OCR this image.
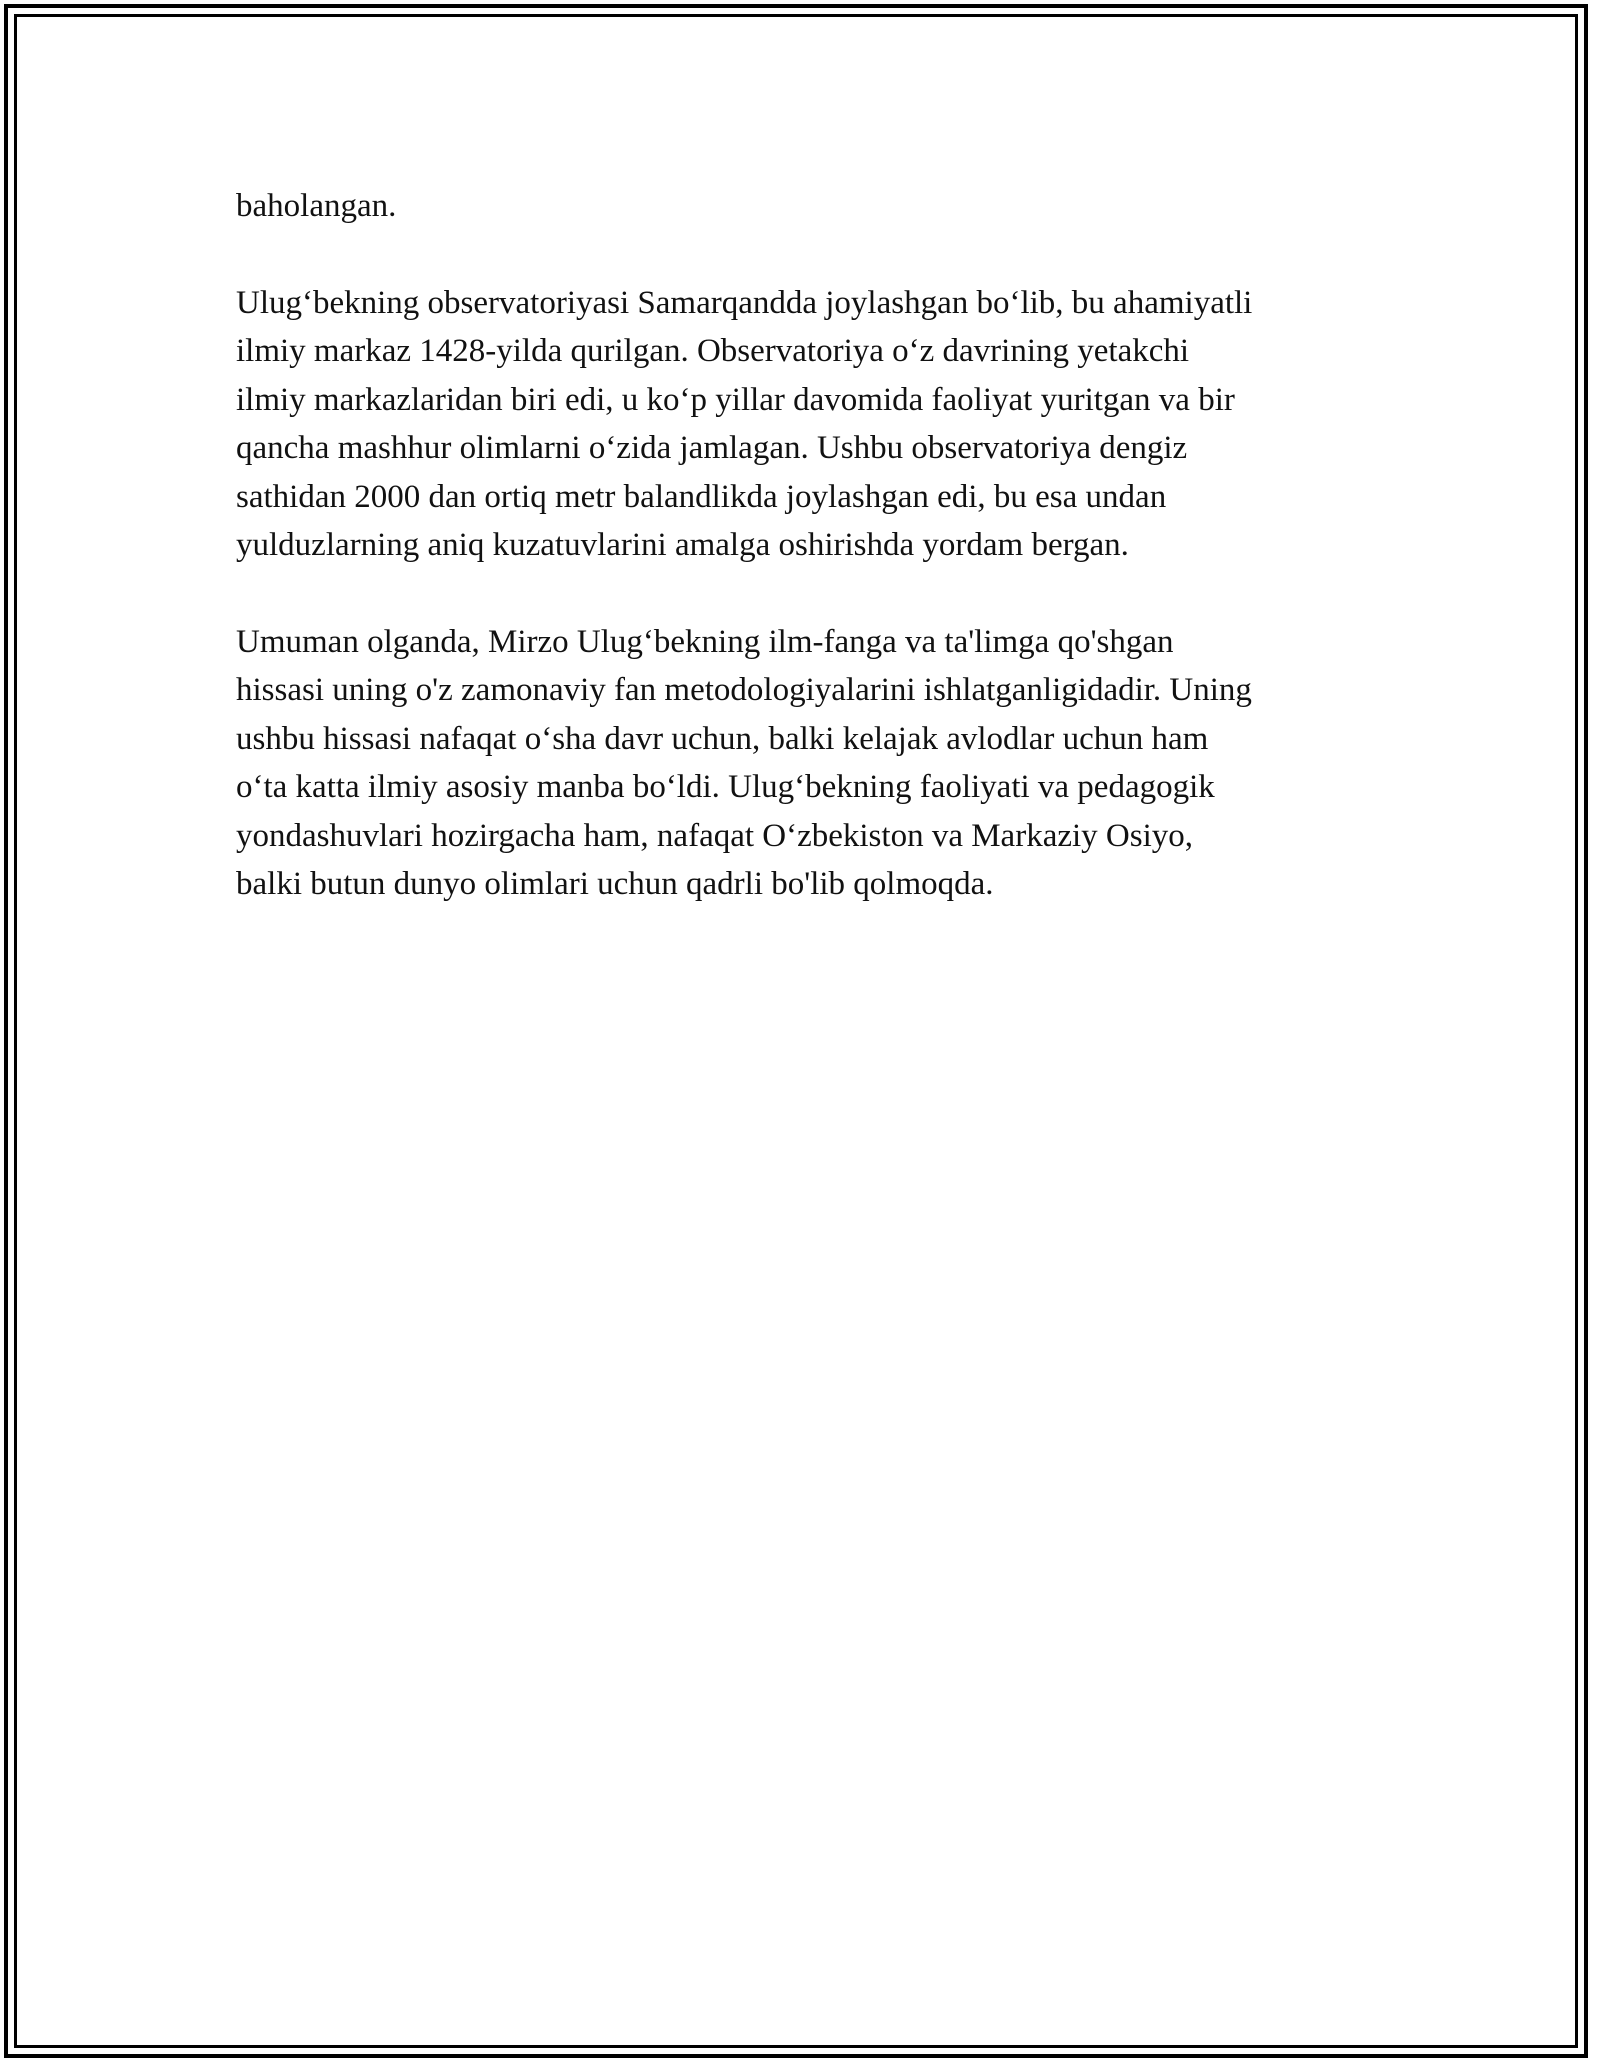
baholangan.

Ulug‘bekning observatoriyasi Samarqandda joylashgan bo‘lib, bu ahamiyatli
ilmiy markaz 1428-yilda qurilgan. Observatoriya o‘z davrining yetakchi
ilmiy markazlaridan biri edi, u ko‘p yillar davomida faoliyat yuritgan va bir
qancha mashhur olimlarni o‘zida jamlagan. Ushbu observatoriya dengiz
sathidan 2000 dan ortiq metr balandlikda joylashgan edi, bu esa undan
yulduzlarning aniq kuzatuvlarini amalga oshirishda yordam bergan.

Umuman olganda, Mirzo Ulug‘bekning ilm-fanga va ta'limga qo'shgan
hissasi uning o'z zamonaviy fan metodologiyalarini ishlatganligidadir. Uning
ushbu hissasi nafaqat o‘sha davr uchun, balki kelajak avlodlar uchun ham
o‘ta katta ilmiy asosiy manba bo‘ldi. Ulug‘bekning faoliyati va pedagogik
yondashuvlari hozirgacha ham, nafaqat O‘zbekiston va Markaziy Osiyo,
balki butun dunyo olimlari uchun qadrli bo'lib qolmoqda.
